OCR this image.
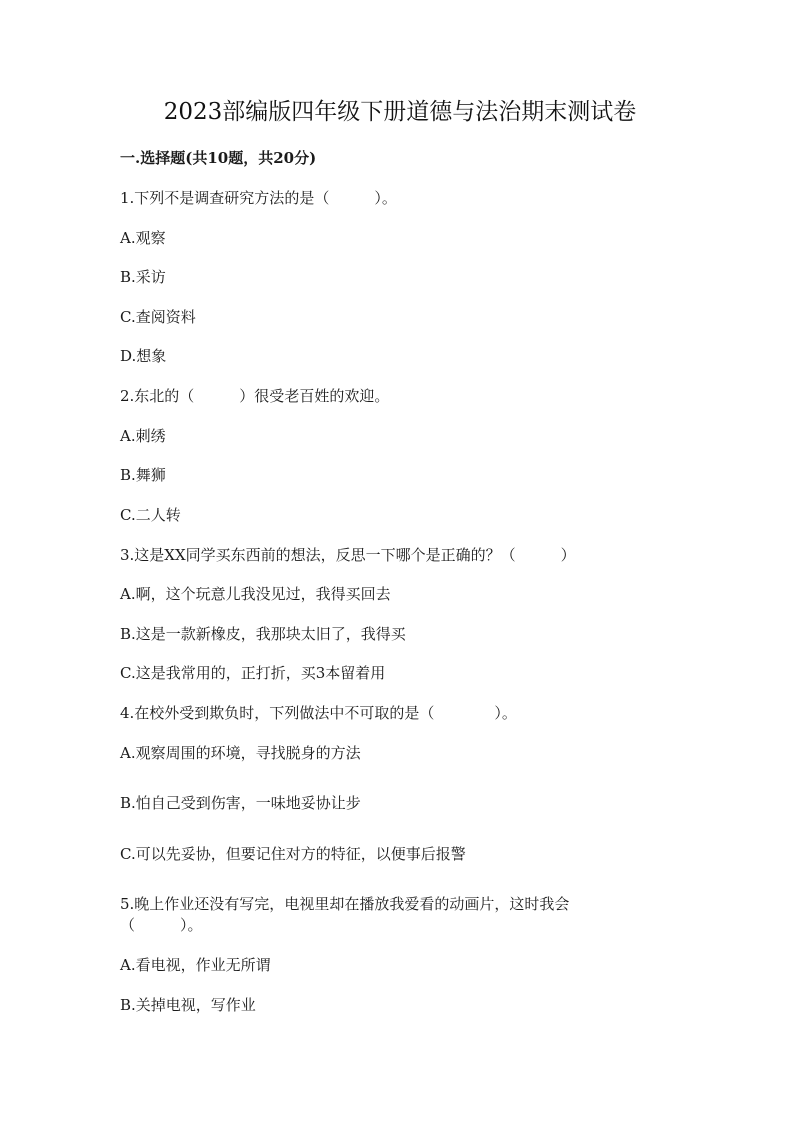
2023部编版四年级下册道德与法治期末测试卷
一.选择题(共10题，共20分)
1.下列不是调查研究方法的是（　　　）。
A.观察
B.采访
C.查阅资料
D.想象
2.东北的（　　　）很受老百姓的欢迎。
A.刺绣
B.舞狮
C.二人转
3.这是XX同学买东西前的想法，反思一下哪个是正确的？（　　　）
A.啊，这个玩意儿我没见过，我得买回去
B.这是一款新橡皮，我那块太旧了，我得买
C.这是我常用的，正打折，买3本留着用
4.在校外受到欺负时，下列做法中不可取的是（　　　　）。
A.观察周围的环境，寻找脱身的方法
B.怕自己受到伤害，一味地妥协让步
C.可以先妥协，但要记住对方的特征，以便事后报警
5.晚上作业还没有写完，电视里却在播放我爱看的动画片，这时我会
（　　　）。
A.看电视，作业无所谓
B.关掉电视，写作业
